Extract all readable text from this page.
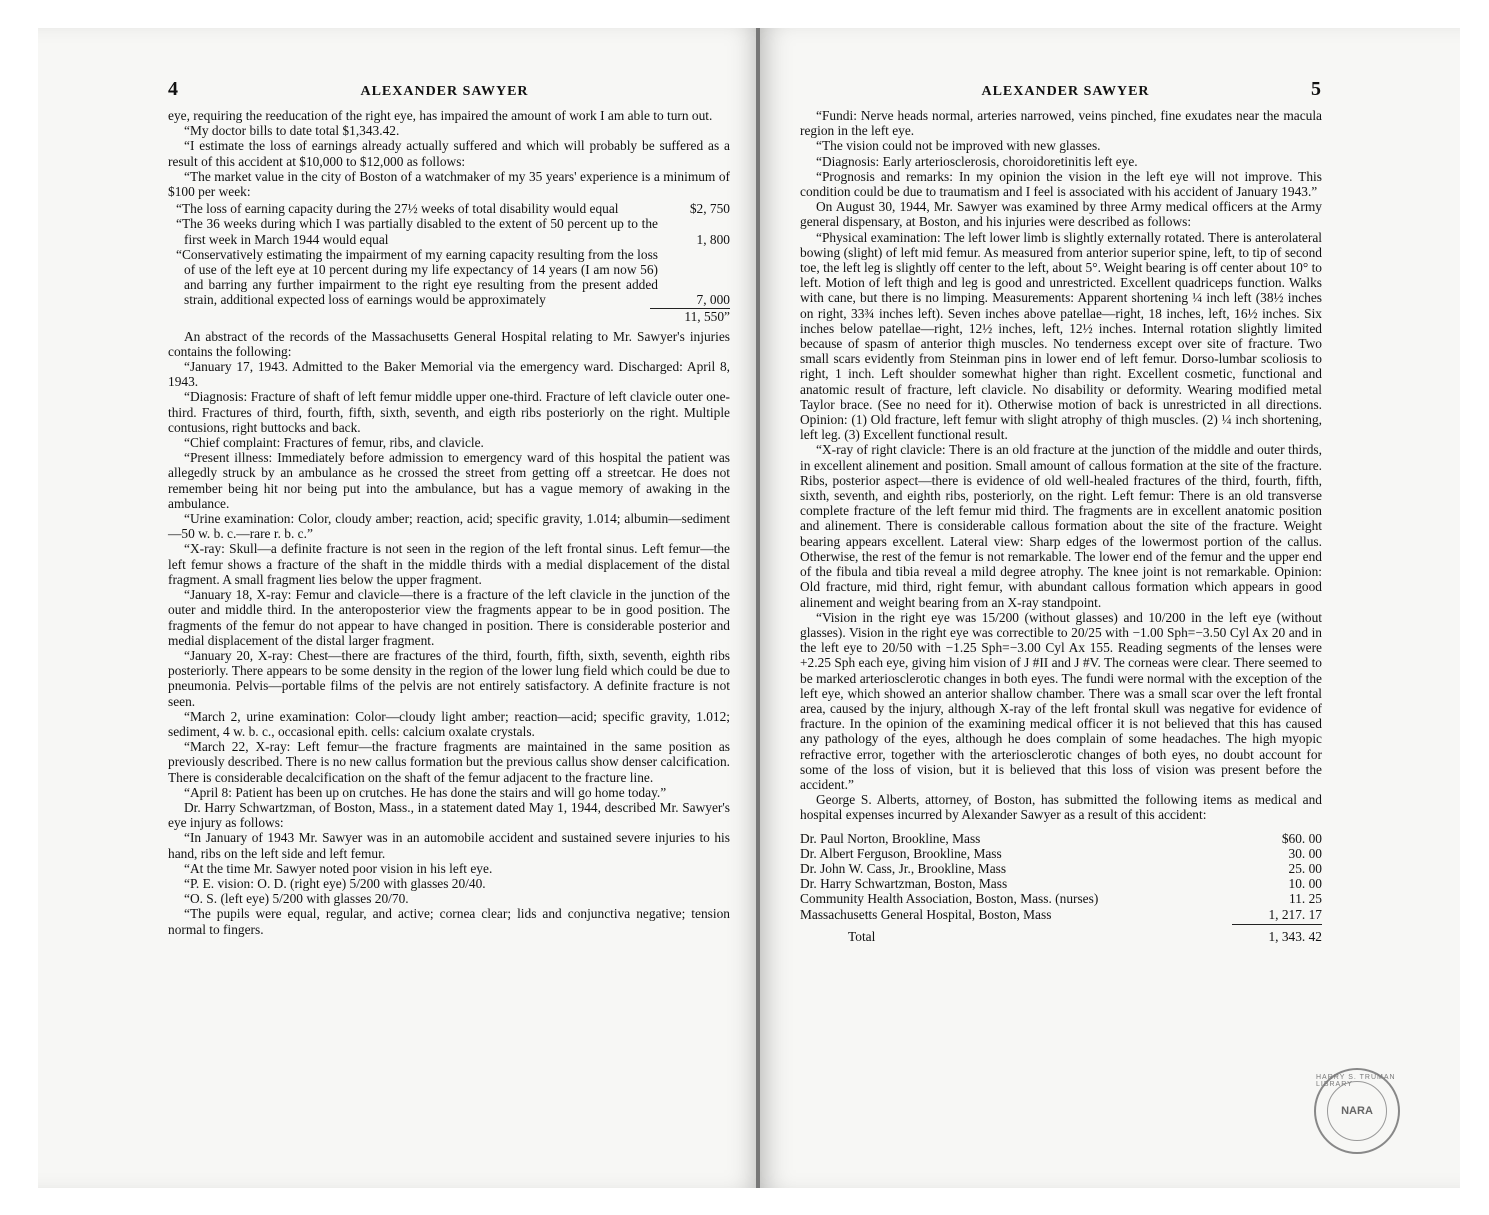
4	ALEXANDER SAWYER

eye, requiring the reeducation of the right eye, has impaired the amount of work I am able to turn out.

“My doctor bills to date total $1,343.42.

“I estimate the loss of earnings already actually suffered and which will probably be suffered as a result of this accident at $10,000 to $12,000 as follows:

“The market value in the city of Boston of a watchmaker of my 35 years' experience is a minimum of $100 per week:

“The loss of earning capacity during the 27½ weeks of total disability would equal	$2, 750
“The 36 weeks during which I was partially disabled to the extent of 50 percent up to the first week in March 1944 would equal	1, 800
“Conservatively estimating the impairment of my earning capacity resulting from the loss of use of the left eye at 10 percent during my life expectancy of 14 years (I am now 56) and barring any further impairment to the right eye resulting from the present added strain, additional expected loss of earnings would be approximately	7, 000
11, 550”

An abstract of the records of the Massachusetts General Hospital relating to Mr. Sawyer's injuries contains the following:

“January 17, 1943. Admitted to the Baker Memorial via the emergency ward. Discharged: April 8, 1943.

“Diagnosis: Fracture of shaft of left femur middle upper one-third. Fracture of left clavicle outer one-third. Fractures of third, fourth, fifth, sixth, seventh, and eigth ribs posteriorly on the right. Multiple contusions, right buttocks and back.

“Chief complaint: Fractures of femur, ribs, and clavicle.

“Present illness: Immediately before admission to emergency ward of this hospital the patient was allegedly struck by an ambulance as he crossed the street from getting off a streetcar. He does not remember being hit nor being put into the ambulance, but has a vague memory of awaking in the ambulance.

“Urine examination: Color, cloudy amber; reaction, acid; specific gravity, 1.014; albumin—sediment—50 w. b. c.—rare r. b. c.”

“X-ray: Skull—a definite fracture is not seen in the region of the left frontal sinus. Left femur—the left femur shows a fracture of the shaft in the middle thirds with a medial displacement of the distal fragment. A small fragment lies below the upper fragment.

“January 18, X-ray: Femur and clavicle—there is a fracture of the left clavicle in the junction of the outer and middle third. In the anteroposterior view the fragments appear to be in good position. The fragments of the femur do not appear to have changed in position. There is considerable posterior and medial displacement of the distal larger fragment.

“January 20, X-ray: Chest—there are fractures of the third, fourth, fifth, sixth, seventh, eighth ribs posteriorly. There appears to be some density in the region of the lower lung field which could be due to pneumonia. Pelvis—portable films of the pelvis are not entirely satisfactory. A definite fracture is not seen.

“March 2, urine examination: Color—cloudy light amber; reaction—acid; specific gravity, 1.012; sediment, 4 w. b. c., occasional epith. cells: calcium oxalate crystals.

“March 22, X-ray: Left femur—the fracture fragments are maintained in the same position as previously described. There is no new callus formation but the previous callus show denser calcification. There is considerable decalcification on the shaft of the femur adjacent to the fracture line.

“April 8: Patient has been up on crutches. He has done the stairs and will go home today.”

Dr. Harry Schwartzman, of Boston, Mass., in a statement dated May 1, 1944, described Mr. Sawyer's eye injury as follows:

“In January of 1943 Mr. Sawyer was in an automobile accident and sustained severe injuries to his hand, ribs on the left side and left femur.

“At the time Mr. Sawyer noted poor vision in his left eye.

“P. E. vision: O. D. (right eye) 5/200 with glasses 20/40.

“O. S. (left eye) 5/200 with glasses 20/70.

“The pupils were equal, regular, and active; cornea clear; lids and conjunctiva negative; tension normal to fingers.

ALEXANDER SAWYER	5

“Fundi: Nerve heads normal, arteries narrowed, veins pinched, fine exudates near the macula region in the left eye.

“The vision could not be improved with new glasses.

“Diagnosis: Early arteriosclerosis, choroidoretinitis left eye.

“Prognosis and remarks: In my opinion the vision in the left eye will not improve. This condition could be due to traumatism and I feel is associated with his accident of January 1943.”

On August 30, 1944, Mr. Sawyer was examined by three Army medical officers at the Army general dispensary, at Boston, and his injuries were described as follows:

“Physical examination: The left lower limb is slightly externally rotated. There is anterolateral bowing (slight) of left mid femur. As measured from anterior superior spine, left, to tip of second toe, the left leg is slightly off center to the left, about 5°. Weight bearing is off center about 10° to left. Motion of left thigh and leg is good and unrestricted. Excellent quadriceps function. Walks with cane, but there is no limping. Measurements: Apparent shortening ¼ inch left (38½ inches on right, 33¾ inches left). Seven inches above patellae—right, 18 inches, left, 16½ inches. Six inches below patellae—right, 12½ inches, left, 12½ inches. Internal rotation slightly limited because of spasm of anterior thigh muscles. No tenderness except over site of fracture. Two small scars evidently from Steinman pins in lower end of left femur. Dorso-lumbar scoliosis to right, 1 inch. Left shoulder somewhat higher than right. Excellent cosmetic, functional and anatomic result of fracture, left clavicle. No disability or deformity. Wearing modified metal Taylor brace. (See no need for it). Otherwise motion of back is unrestricted in all directions. Opinion: (1) Old fracture, left femur with slight atrophy of thigh muscles. (2) ¼ inch shortening, left leg. (3) Excellent functional result.

“X-ray of right clavicle: There is an old fracture at the junction of the middle and outer thirds, in excellent alinement and position. Small amount of callous formation at the site of the fracture. Ribs, posterior aspect—there is evidence of old well-healed fractures of the third, fourth, fifth, sixth, seventh, and eighth ribs, posteriorly, on the right. Left femur: There is an old transverse complete fracture of the left femur mid third. The fragments are in excellent anatomic position and alinement. There is considerable callous formation about the site of the fracture. Weight bearing appears excellent. Lateral view: Sharp edges of the lowermost portion of the callus. Otherwise, the rest of the femur is not remarkable. The lower end of the femur and the upper end of the fibula and tibia reveal a mild degree atrophy. The knee joint is not remarkable. Opinion: Old fracture, mid third, right femur, with abundant callous formation which appears in good alinement and weight bearing from an X-ray standpoint.

“Vision in the right eye was 15/200 (without glasses) and 10/200 in the left eye (without glasses). Vision in the right eye was correctible to 20/25 with −1.00 Sph=−3.50 Cyl Ax 20 and in the left eye to 20/50 with −1.25 Sph=−3.00 Cyl Ax 155. Reading segments of the lenses were +2.25 Sph each eye, giving him vision of J #II and J #V. The corneas were clear. There seemed to be marked arteriosclerotic changes in both eyes. The fundi were normal with the exception of the left eye, which showed an anterior shallow chamber. There was a small scar over the left frontal area, caused by the injury, although X-ray of the left frontal skull was negative for evidence of fracture. In the opinion of the examining medical officer it is not believed that this has caused any pathology of the eyes, although he does complain of some headaches. The high myopic refractive error, together with the arteriosclerotic changes of both eyes, no doubt account for some of the loss of vision, but it is believed that this loss of vision was present before the accident.”

George S. Alberts, attorney, of Boston, has submitted the following items as medical and hospital expenses incurred by Alexander Sawyer as a result of this accident:

Dr. Paul Norton, Brookline, Mass	$60. 00
Dr. Albert Ferguson, Brookline, Mass	30. 00
Dr. John W. Cass, Jr., Brookline, Mass	25. 00
Dr. Harry Schwartzman, Boston, Mass	10. 00
Community Health Association, Boston, Mass. (nurses)	11. 25
Massachusetts General Hospital, Boston, Mass	1, 217. 17
Total	1, 343. 42
HARRY S. TRUMAN LIBRARY
NARA
